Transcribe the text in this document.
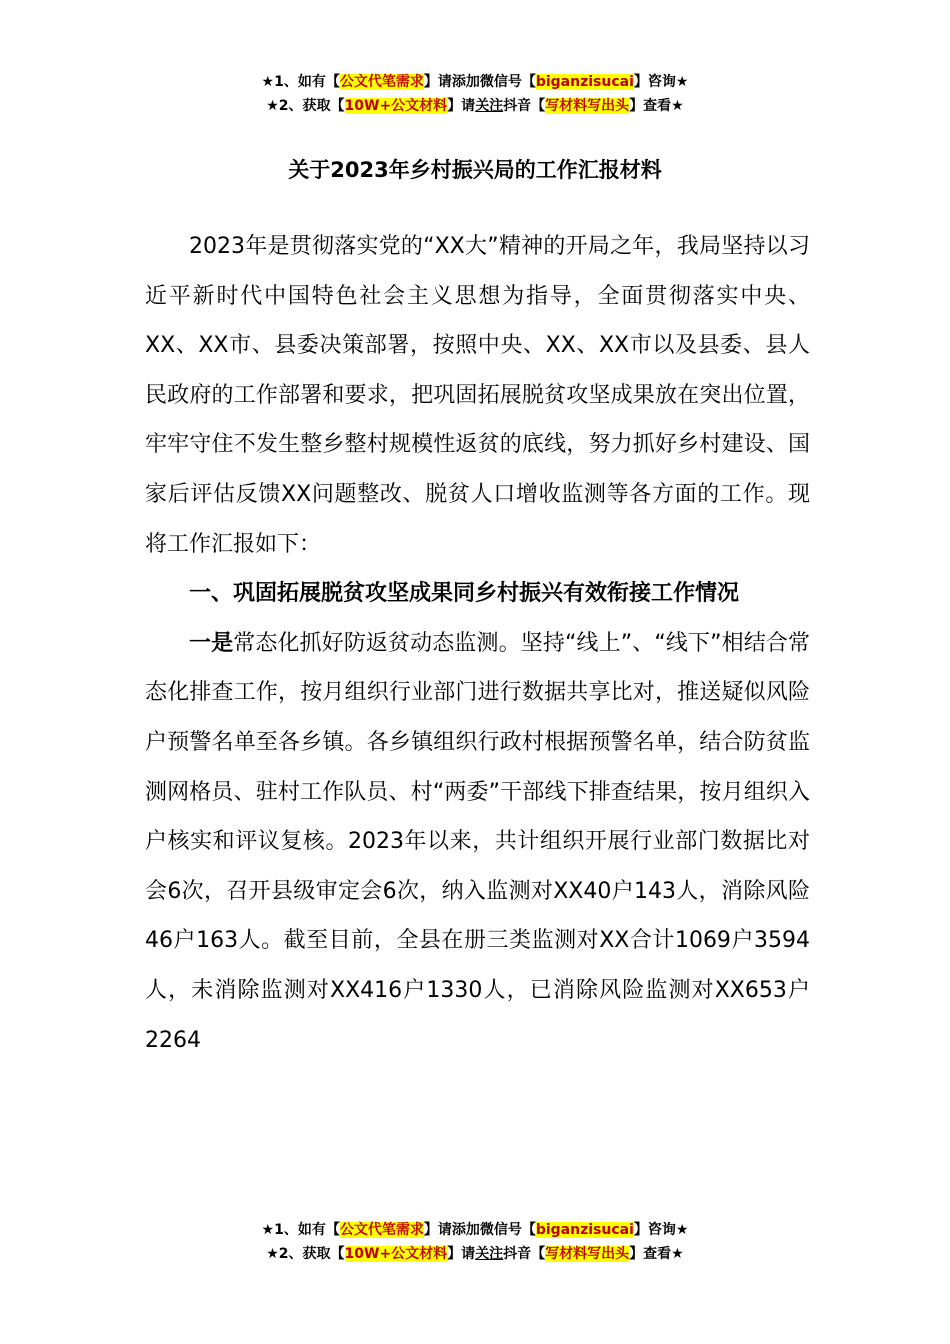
★1、如有【公文代笔需求】请添加微信号【biganzisucai】咨询★
★2、获取【10W+公文材料】请关注抖音【写材料写出头】查看★
关于2023年乡村振兴局的工作汇报材料

2023年是贯彻落实党的“XX大”精神的开局之年，我局坚持以习近平新时代中国特色社会主义思想为指导，全面贯彻落实中央、XX、XX市、县委决策部署，按照中央、XX、XX市以及县委、县人民政府的工作部署和要求，把巩固拓展脱贫攻坚成果放在突出位置，牢牢守住不发生整乡整村规模性返贫的底线，努力抓好乡村建设、国家后评估反馈XX问题整改、脱贫人口增收监测等各方面的工作。现将工作汇报如下：

一、巩固拓展脱贫攻坚成果同乡村振兴有效衔接工作情况

一是常态化抓好防返贫动态监测。坚持“线上”、“线下”相结合常态化排查工作，按月组织行业部门进行数据共享比对，推送疑似风险户预警名单至各乡镇。各乡镇组织行政村根据预警名单，结合防贫监测网格员、驻村工作队员、村“两委”干部线下排查结果，按月组织入户核实和评议复核。2023年以来，共计组织开展行业部门数据比对会6次，召开县级审定会6次，纳入监测对XX40户143人，消除风险46户163人。截至目前，全县在册三类监测对XX合计1069户3594人，未消除监测对XX416户1330人，已消除风险监测对XX653户2264

★1、如有【公文代笔需求】请添加微信号【biganzisucai】咨询★
★2、获取【10W+公文材料】请关注抖音【写材料写出头】查看★
